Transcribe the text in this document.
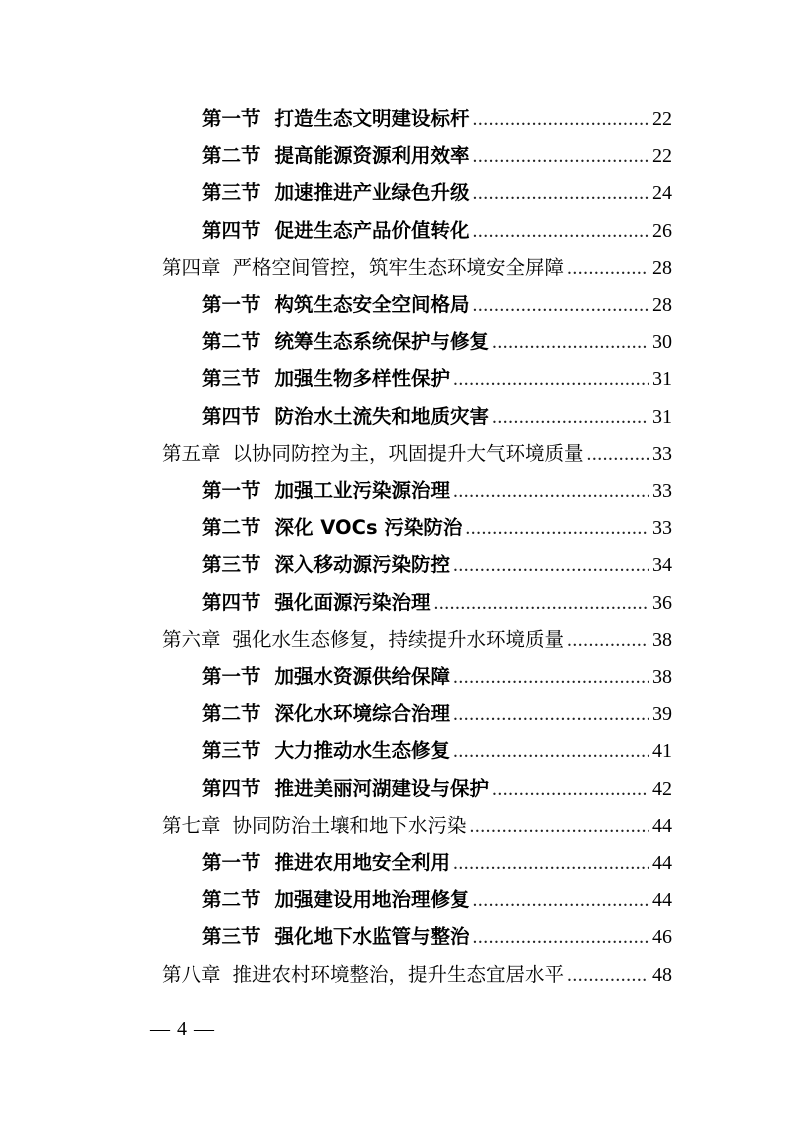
第一节 打造生态文明建设标杆 .....	22
第二节 提高能源资源利用效率 .....	22
第三节 加速推进产业绿色升级 .....	24
第四节 促进生态产品价值转化 .....	26
第四章 严格空间管控，筑牢生态环境安全屏障 .....	28
第一节 构筑生态安全空间格局 .....	28
第二节 统筹生态系统保护与修复 .....	30
第三节 加强生物多样性保护 .....	31
第四节 防治水土流失和地质灾害 .....	31
第五章 以协同防控为主，巩固提升大气环境质量 .....	33
第一节 加强工业污染源治理 .....	33
第二节 深化 VOCs 污染防治 .....	33
第三节 深入移动源污染防控 .....	34
第四节 强化面源污染治理 .....	36
第六章 强化水生态修复，持续提升水环境质量 .....	38
第一节 加强水资源供给保障 .....	38
第二节 深化水环境综合治理 .....	39
第三节 大力推动水生态修复 .....	41
第四节 推进美丽河湖建设与保护 .....	42
第七章 协同防治土壤和地下水污染 .....	44
第一节 推进农用地安全利用 .....	44
第二节 加强建设用地治理修复 .....	44
第三节 强化地下水监管与整治 .....	46
第八章 推进农村环境整治，提升生态宜居水平 .....	48
— 4 —
